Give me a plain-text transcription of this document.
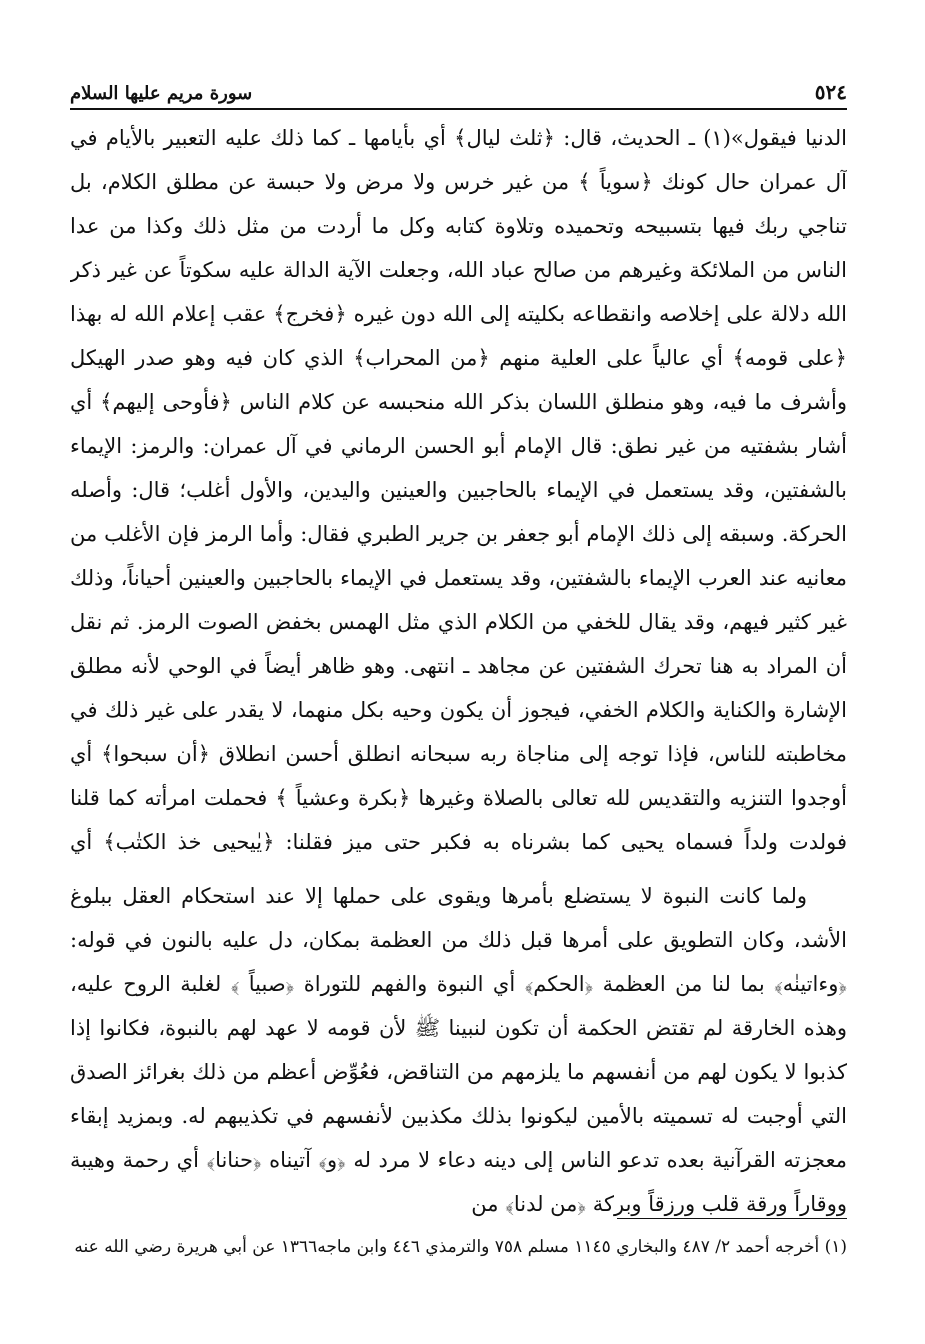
٥٢٤
سورة مريم عليها السلام

الدنيا فيقول»(١) ـ الحديث، قال: ﴿ثلث ليال﴾ أي بأيامها ـ كما ذلك عليه التعبير بالأيام في آل عمران حال كونك ﴿سوياً ﴾ من غير خرس ولا مرض ولا حبسة عن مطلق الكلام، بل تناجي ربك فيها بتسبيحه وتحميده وتلاوة كتابه وكل ما أردت من مثل ذلك وكذا من عدا الناس من الملائكة وغيرهم من صالح عباد الله، وجعلت الآية الدالة عليه سكوتاً عن غير ذكر الله دلالة على إخلاصه وانقطاعه بكليته إلى الله دون غيره ﴿فخرج﴾ عقب إعلام الله له بهذا ﴿على قومه﴾ أي عالياً على العلية منهم ﴿من المحراب﴾ الذي كان فيه وهو صدر الهيكل وأشرف ما فيه، وهو منطلق اللسان بذكر الله منحبسه عن كلام الناس ﴿فأوحى إليهم﴾ أي أشار بشفتيه من غير نطق: قال الإمام أبو الحسن الرماني في آل عمران: والرمز: الإيماء بالشفتين، وقد يستعمل في الإيماء بالحاجبين والعينين واليدين، والأول أغلب؛ قال: وأصله الحركة. وسبقه إلى ذلك الإمام أبو جعفر بن جرير الطبري فقال: وأما الرمز فإن الأغلب من معانيه عند العرب الإيماء بالشفتين، وقد يستعمل في الإيماء بالحاجبين والعينين أحياناً، وذلك غير كثير فيهم، وقد يقال للخفي من الكلام الذي مثل الهمس بخفض الصوت الرمز. ثم نقل أن المراد به هنا تحرك الشفتين عن مجاهد ـ انتهى. وهو ظاهر أيضاً في الوحي لأنه مطلق الإشارة والكناية والكلام الخفي، فيجوز أن يكون وحيه بكل منهما، لا يقدر على غير ذلك في مخاطبته للناس، فإذا توجه إلى مناجاة ربه سبحانه انطلق أحسن انطلاق ﴿أن سبحوا﴾ أي أوجدوا التنزيه والتقديس لله تعالى بالصلاة وغيرها ﴿بكرة وعشياً ﴾ فحملت امرأته كما قلنا فولدت ولداً فسماه يحيى كما بشرناه به فكبر حتى ميز فقلنا: ﴿يٰيحيى خذ الكتٰب﴾ أي

ولما كانت النبوة لا يستضلع بأمرها ويقوى على حملها إلا عند استحكام العقل ببلوغ الأشد، وكان التطويق على أمرها قبل ذلك من العظمة بمكان، دل عليه بالنون في قوله: ﴿وءاتينٰه﴾ بما لنا من العظمة ﴿الحكم﴾ أي النبوة والفهم للتوراة ﴿صبياً ﴾ لغلبة الروح عليه، وهذه الخارقة لم تقتض الحكمة أن تكون لنبينا ﷺ لأن قومه لا عهد لهم بالنبوة، فكانوا إذا كذبوا لا يكون لهم من أنفسهم ما يلزمهم من التناقض، فعُوِّض أعظم من ذلك بغرائز الصدق التي أوجبت له تسميته بالأمين ليكونوا بذلك مكذبين لأنفسهم في تكذيبهم له. وبمزيد إبقاء معجزته القرآنية بعده تدعو الناس إلى دينه دعاء لا مرد له ﴿و﴾ آتيناه ﴿حنانا﴾ أي رحمة وهيبة ووقاراً ورقة قلب ورزقاً وبركة ﴿من لدنا﴾ من

(١) أخرجه أحمد ٢/ ٤٨٧ والبخاري ١١٤٥ مسلم ٧٥٨ والترمذي ٤٤٦ وابن ماجه١٣٦٦ عن أبي هريرة رضي الله عنه
